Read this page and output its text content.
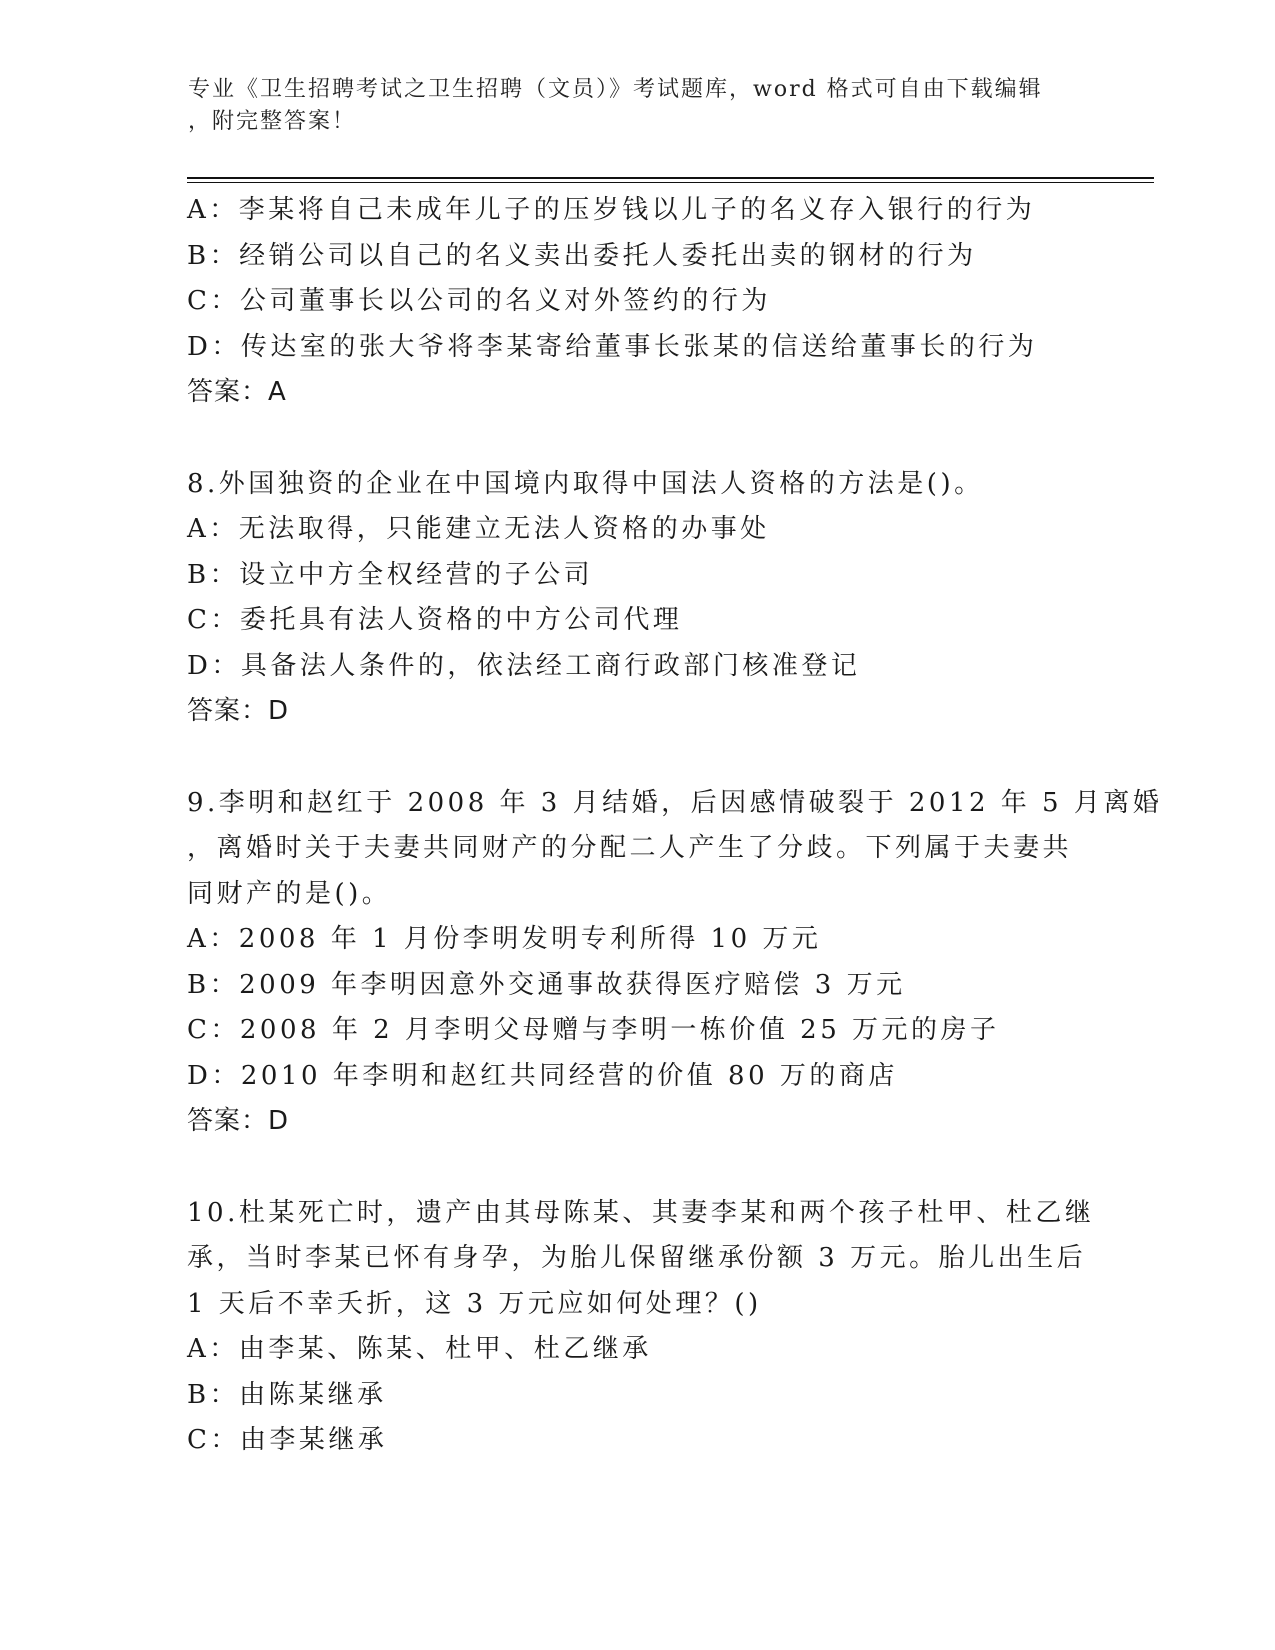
专业《卫生招聘考试之卫生招聘（文员）》考试题库，word 格式可自由下载编辑
，附完整答案！
A：李某将自己未成年儿子的压岁钱以儿子的名义存入银行的行为
B：经销公司以自己的名义卖出委托人委托出卖的钢材的行为
C：公司董事长以公司的名义对外签约的行为
D：传达室的张大爷将李某寄给董事长张某的信送给董事长的行为
答案：A
8.外国独资的企业在中国境内取得中国法人资格的方法是()。
A：无法取得，只能建立无法人资格的办事处
B：设立中方全权经营的子公司
C：委托具有法人资格的中方公司代理
D：具备法人条件的，依法经工商行政部门核准登记
答案：D
9.李明和赵红于 2008 年 3 月结婚，后因感情破裂于 2012 年 5 月离婚
，离婚时关于夫妻共同财产的分配二人产生了分歧。下列属于夫妻共
同财产的是()。
A：2008 年 1 月份李明发明专利所得 10 万元
B：2009 年李明因意外交通事故获得医疗赔偿 3 万元
C：2008 年 2 月李明父母赠与李明一栋价值 25 万元的房子
D：2010 年李明和赵红共同经营的价值 80 万的商店
答案：D
10.杜某死亡时，遗产由其母陈某、其妻李某和两个孩子杜甲、杜乙继
承，当时李某已怀有身孕，为胎儿保留继承份额 3 万元。胎儿出生后
1 天后不幸夭折，这 3 万元应如何处理？()
A：由李某、陈某、杜甲、杜乙继承
B：由陈某继承
C：由李某继承
